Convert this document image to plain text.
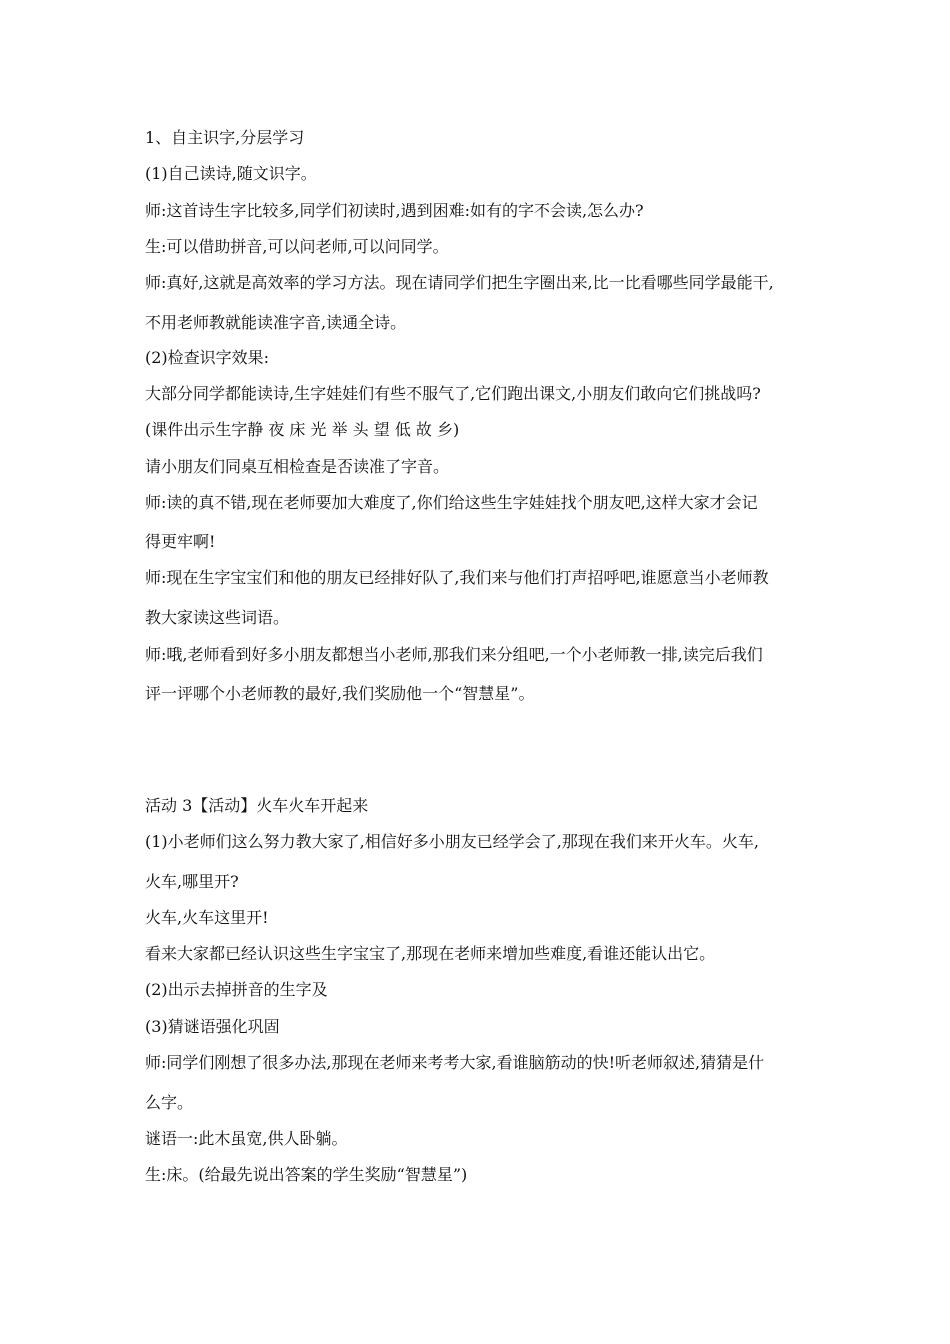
1、自主识字,分层学习
(1)自己读诗,随文识字。
师:这首诗生字比较多,同学们初读时,遇到困难:如有的字不会读,怎么办?
生:可以借助拼音,可以问老师,可以问同学。
师:真好,这就是高效率的学习方法。现在请同学们把生字圈出来,比一比看哪些同学最能干,
不用老师教就能读准字音,读通全诗。
(2)检查识字效果:
大部分同学都能读诗,生字娃娃们有些不服气了,它们跑出课文,小朋友们敢向它们挑战吗?
(课件出示生字静 夜 床 光 举 头 望 低 故 乡)
请小朋友们同桌互相检查是否读准了字音。
师:读的真不错,现在老师要加大难度了,你们给这些生字娃娃找个朋友吧,这样大家才会记
得更牢啊!
师:现在生字宝宝们和他的朋友已经排好队了,我们来与他们打声招呼吧,谁愿意当小老师教
教大家读这些词语。
师:哦,老师看到好多小朋友都想当小老师,那我们来分组吧,一个小老师教一排,读完后我们
评一评哪个小老师教的最好,我们奖励他一个“智慧星”。
活动 3【活动】火车火车开起来
(1)小老师们这么努力教大家了,相信好多小朋友已经学会了,那现在我们来开火车。火车,
火车,哪里开?
火车,火车这里开!
看来大家都已经认识这些生字宝宝了,那现在老师来增加些难度,看谁还能认出它。
(2)出示去掉拼音的生字及
(3)猜谜语强化巩固
师:同学们刚想了很多办法,那现在老师来考考大家,看谁脑筋动的快!听老师叙述,猜猜是什
么字。
谜语一:此木虽宽,供人卧躺。
生:床。(给最先说出答案的学生奖励“智慧星”)
